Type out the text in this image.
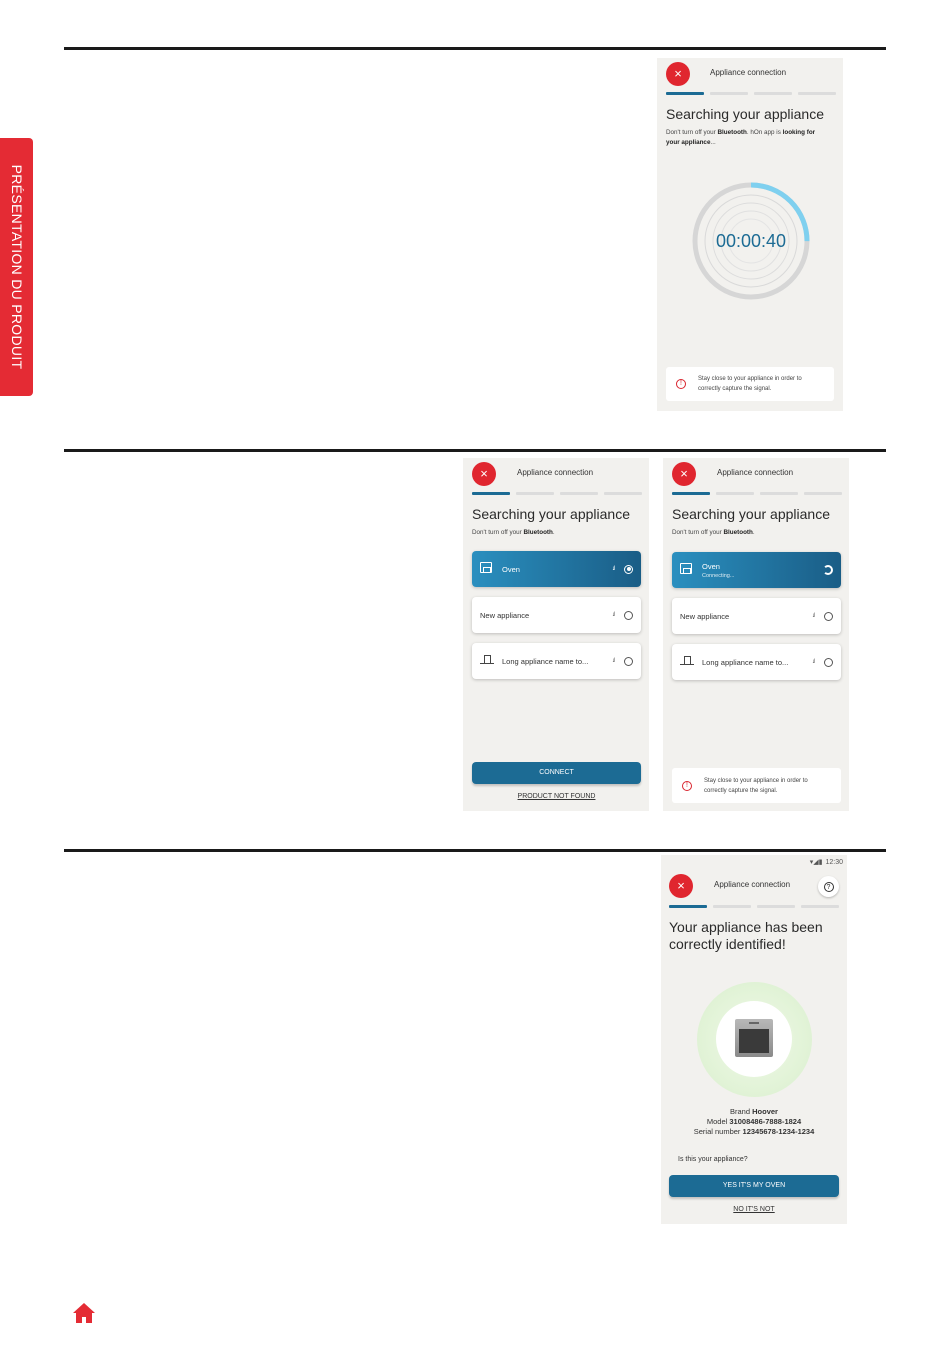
PRÉSENTATION DU PRODUIT
×	Appliance connection
Searching your appliance
Don't turn off your Bluetooth. hOn app is looking for your appliance...
00:00:40
!
Stay close to your appliance in order to correctly capture the signal.
×	Appliance connection
Searching your appliance
Don't turn off your Bluetooth.
Oven	.ıl
New appliance	.ıl
Long appliance name to...	.ıl
CONNECT
PRODUCT NOT FOUND
×	Appliance connection
Searching your appliance
Don't turn off your Bluetooth.
Oven
Connecting...
New appliance	.ıl
Long appliance name to...	.ıl
!
Stay close to your appliance in order to correctly capture the signal.
▾◢▮ 12:30
×	Appliance connection	?
Your appliance has been correctly identified!
Brand Hoover
Model 31008486-7888-1824
Serial number 12345678-1234-1234
Is this your appliance?
YES IT'S MY OVEN
NO IT'S NOT
